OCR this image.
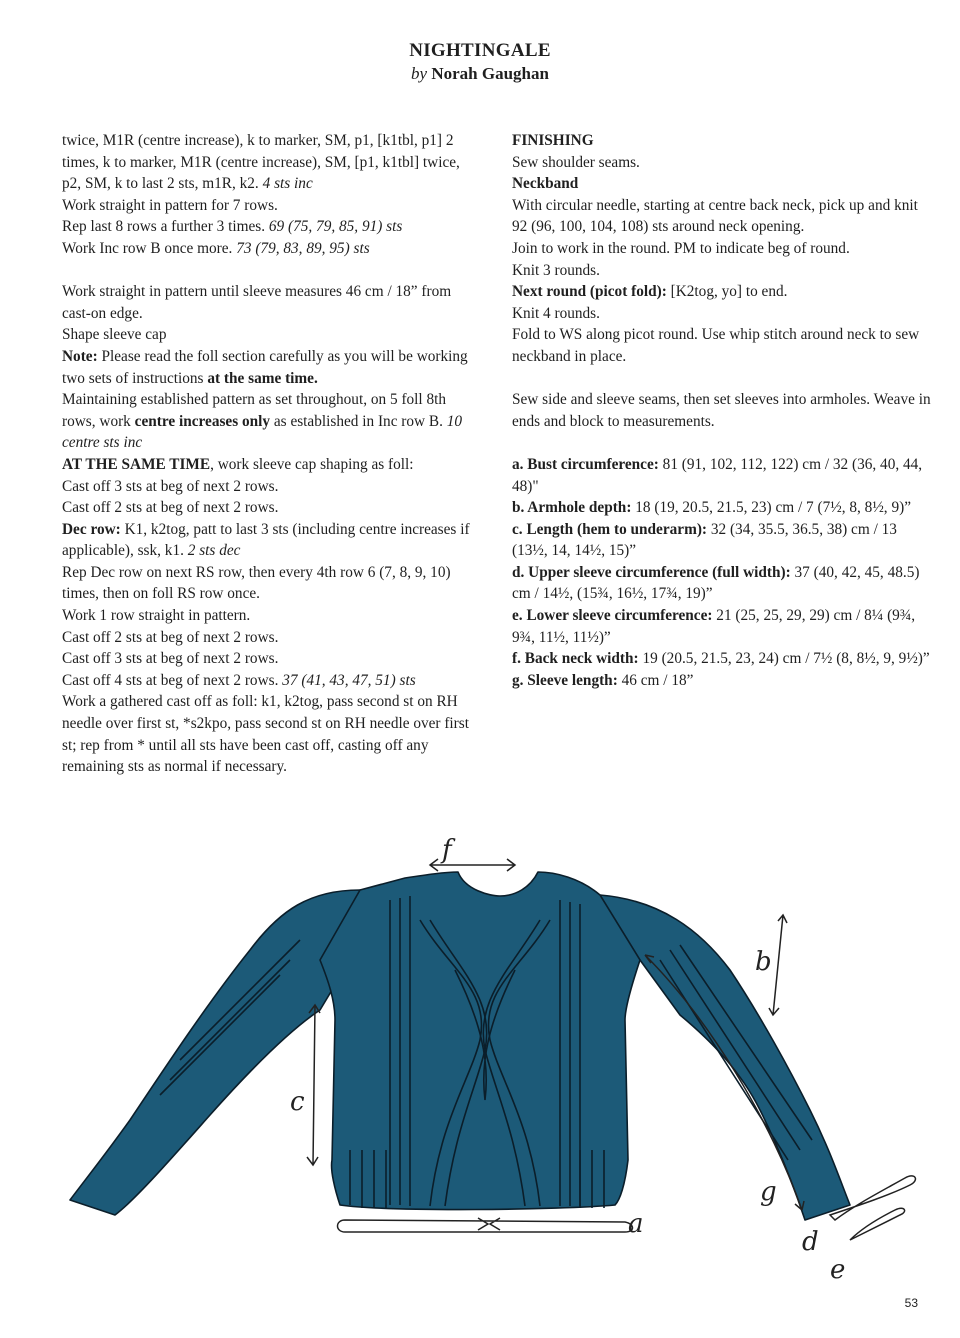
NIGHTINGALE
by Norah Gaughan

twice, M1R (centre increase), k to marker, SM, p1, [k1tbl, p1] 2 times, k to marker, M1R (centre increase), SM, [p1, k1tbl] twice, p2, SM, k to last 2 sts, m1R, k2. 4 sts inc

Work straight in pattern for 7 rows.

Rep last 8 rows a further 3 times. 69 (75, 79, 85, 91) sts

Work Inc row B once more. 73 (79, 83, 89, 95) sts

Work straight in pattern until sleeve measures 46 cm / 18” from cast-on edge.

Shape sleeve cap

Note: Please read the foll section carefully as you will be working two sets of instructions at the same time.

Maintaining established pattern as set throughout, on 5 foll 8th rows, work centre increases only as established in Inc row B. 10 centre sts inc

AT THE SAME TIME, work sleeve cap shaping as foll:

Cast off 3 sts at beg of next 2 rows.

Cast off 2 sts at beg of next 2 rows.

Dec row: K1, k2tog, patt to last 3 sts (including centre increases if applicable), ssk, k1. 2 sts dec

Rep Dec row on next RS row, then every 4th row 6 (7, 8, 9, 10) times, then on foll RS row once.

Work 1 row straight in pattern.

Cast off 2 sts at beg of next 2 rows.

Cast off 3 sts at beg of next 2 rows.

Cast off 4 sts at beg of next 2 rows. 37 (41, 43, 47, 51) sts

Work a gathered cast off as foll: k1, k2tog, pass second st on RH needle over first st, *s2kpo, pass second st on RH needle over first st; rep from * until all sts have been cast off, casting off any remaining sts as normal if necessary.

FINISHING

Sew shoulder seams.

Neckband

With circular needle, starting at centre back neck, pick up and knit 92 (96, 100, 104, 108) sts around neck opening.

Join to work in the round. PM to indicate beg of round.

Knit 3 rounds.

Next round (picot fold): [K2tog, yo] to end.

Knit 4 rounds.

Fold to WS along picot round. Use whip stitch around neck to sew neckband in place.

Sew side and sleeve seams, then set sleeves into armholes. Weave in ends and block to measurements.

a. Bust circumference: 81 (91, 102, 112, 122) cm / 32 (36, 40, 44, 48)"

b. Armhole depth: 18 (19, 20.5, 21.5, 23) cm / 7 (7½, 8, 8½, 9)”

c. Length (hem to underarm): 32 (34, 35.5, 36.5, 38) cm / 13 (13½, 14, 14½, 15)”

d. Upper sleeve circumference (full width): 37 (40, 42, 45, 48.5) cm / 14½, (15¾, 16½, 17¾, 19)”

e. Lower sleeve circumference: 21 (25, 25, 29, 29) cm / 8¼ (9¾, 9¾, 11½, 11½)”

f. Back neck width: 19 (20.5, 21.5, 23, 24) cm / 7½ (8, 8½, 9, 9½)”

g. Sleeve length: 46 cm / 18”

f
c
a
b
g
d
e
53
